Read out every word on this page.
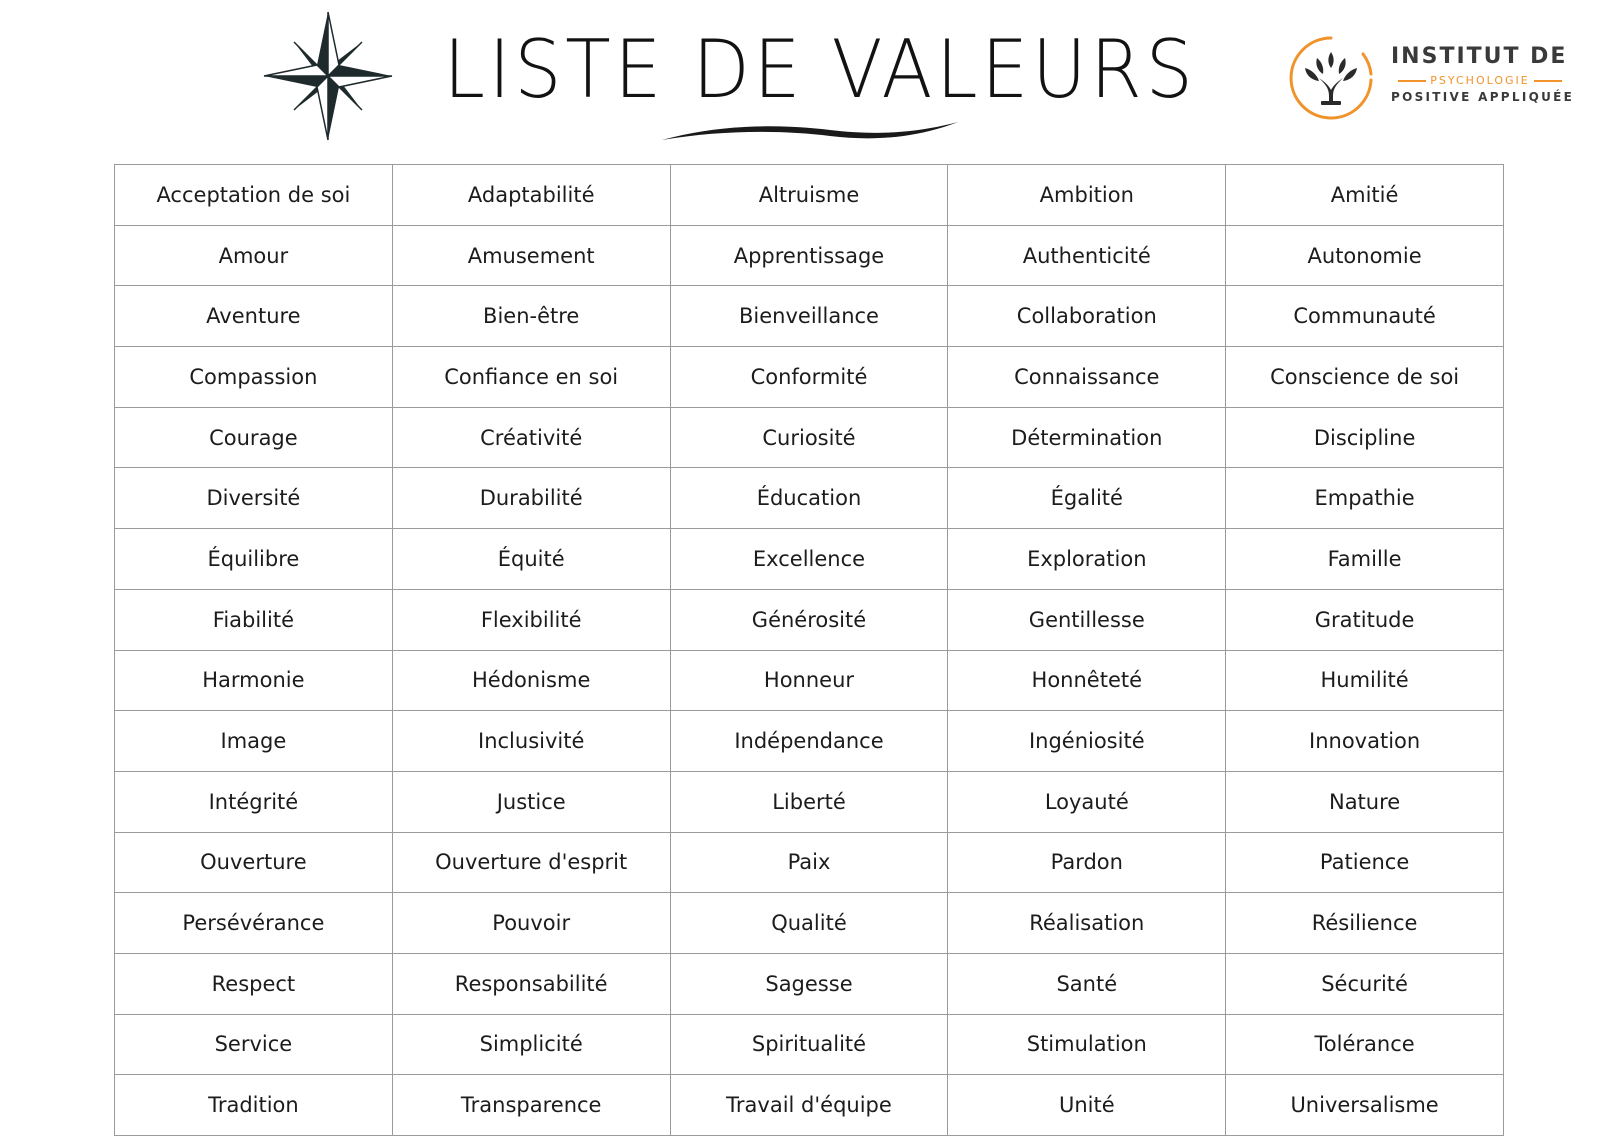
LISTE DE VALEURS	INSTITUT DE
PSYCHOLOGIE
POSITIVE APPLIQUÉE
Acceptation de soi	Adaptabilité	Altruisme	Ambition	Amitié
Amour	Amusement	Apprentissage	Authenticité	Autonomie
Aventure	Bien-être	Bienveillance	Collaboration	Communauté
Compassion	Confiance en soi	Conformité	Connaissance	Conscience de soi
Courage	Créativité	Curiosité	Détermination	Discipline
Diversité	Durabilité	Éducation	Égalité	Empathie
Équilibre	Équité	Excellence	Exploration	Famille
Fiabilité	Flexibilité	Générosité	Gentillesse	Gratitude
Harmonie	Hédonisme	Honneur	Honnêteté	Humilité
Image	Inclusivité	Indépendance	Ingéniosité	Innovation
Intégrité	Justice	Liberté	Loyauté	Nature
Ouverture	Ouverture d'esprit	Paix	Pardon	Patience
Persévérance	Pouvoir	Qualité	Réalisation	Résilience
Respect	Responsabilité	Sagesse	Santé	Sécurité
Service	Simplicité	Spiritualité	Stimulation	Tolérance
Tradition	Transparence	Travail d'équipe	Unité	Universalisme
